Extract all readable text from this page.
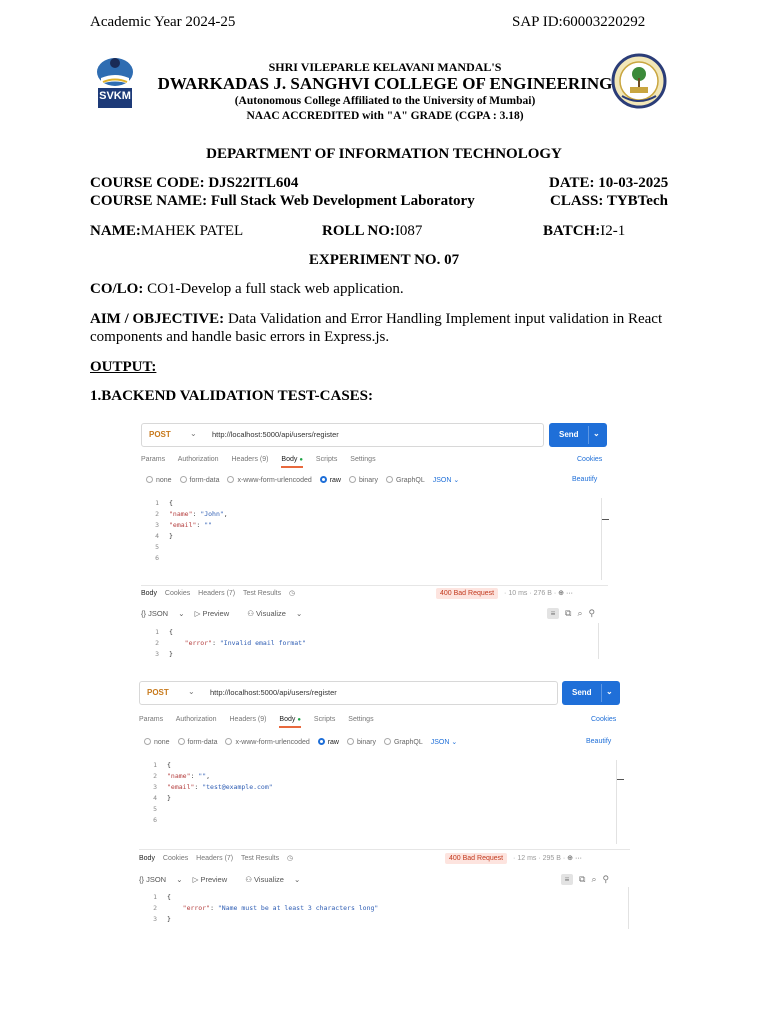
Academic Year 2024-25	SAP ID:60003220292
SVKM
SHRI VILEPARLE KELAVANI MANDAL'S
DWARKADAS J. SANGHVI COLLEGE OF ENGINEERING
(Autonomous College Affiliated to the University of Mumbai)
NAAC ACCREDITED with "A" GRADE (CGPA : 3.18)
DEPARTMENT OF INFORMATION TECHNOLOGY
COURSE CODE: DJS22ITL604	DATE: 10-03-2025
COURSE NAME: Full Stack Web Development Laboratory	CLASS: TYBTech
NAME:MAHEK PATEL	ROLL NO:I087	BATCH:I2-1
EXPERIMENT NO. 07
CO/LO: CO1-Develop a full stack web application.
AIM / OBJECTIVE: Data Validation and Error Handling Implement input validation in React
components and handle basic errors in Express.js.
OUTPUT:
1.BACKEND VALIDATION TEST-CASES:
POST ⌄ http://localhost:5000/api/users/register	Send ⌄
Params Authorization Headers (9) Body ● Scripts Settings	Cookies
none	form-data	x-www-form-urlencoded	raw	binary	GraphQL JSON ⌄	Beautify
1 {
2 "name": "John",
3 "email": ""
4 }
5
6
Body Cookies Headers (7) Test Results ◷	400 Bad Request · 10 ms · 276 B · ⊕ ···
{} JSON ⌄ ▷ Preview ⚇ Visualize ⌄	≡ ⧉ ⌕ ⚲
1 {
2	"error": "Invalid email format"
3 }
POST ⌄ http://localhost:5000/api/users/register	Send ⌄
Params Authorization Headers (9) Body ● Scripts Settings	Cookies
none	form-data	x-www-form-urlencoded	raw	binary	GraphQL JSON ⌄	Beautify
1 {
2 "name": "",
3 "email": "test@example.com"
4 }
5
6
Body Cookies Headers (7) Test Results ◷	400 Bad Request · 12 ms · 295 B · ⊕ ···
{} JSON ⌄ ▷ Preview ⚇ Visualize ⌄	≡ ⧉ ⌕ ⚲
1 {
2	"error": "Name must be at least 3 characters long"
3 }
